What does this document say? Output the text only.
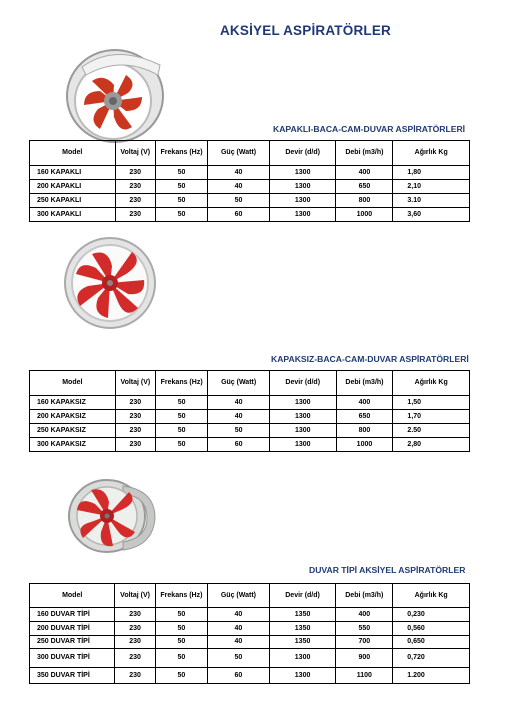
AKSİYEL ASPİRATÖRLER
KAPAKLI-BACA-CAM-DUVAR ASPİRATÖRLERİ
Model	Voltaj (V)	Frekans (Hz)	Güç (Watt)	Devir (d/d)	Debi (m3/h)	Ağırlık Kg
160 KAPAKLI	230	50	40	1300	400	1,80
200 KAPAKLI	230	50	40	1300	650	2,10
250 KAPAKLI	230	50	50	1300	800	3.10
300 KAPAKLI	230	50	60	1300	1000	3,60
KAPAKSIZ-BACA-CAM-DUVAR ASPİRATÖRLERİ
Model	Voltaj (V)	Frekans (Hz)	Güç (Watt)	Devir (d/d)	Debi (m3/h)	Ağırlık Kg
160 KAPAKSIZ	230	50	40	1300	400	1,50
200 KAPAKSIZ	230	50	40	1300	650	1,70
250 KAPAKSIZ	230	50	50	1300	800	2.50
300 KAPAKSIZ	230	50	60	1300	1000	2,80
DUVAR TİPİ AKSİYEL ASPİRATÖRLER
Model	Voltaj (V)	Frekans (Hz)	Güç (Watt)	Devir (d/d)	Debi (m3/h)	Ağırlık Kg
160 DUVAR TİPİ	230	50	40	1350	400	0,230
200 DUVAR TİPİ	230	50	40	1350	550	0,560
250 DUVAR TİPİ	230	50	40	1350	700	0,650
300 DUVAR TİPİ	230	50	50	1300	900	0,720
350 DUVAR TİPİ	230	50	60	1300	1100	1.200
